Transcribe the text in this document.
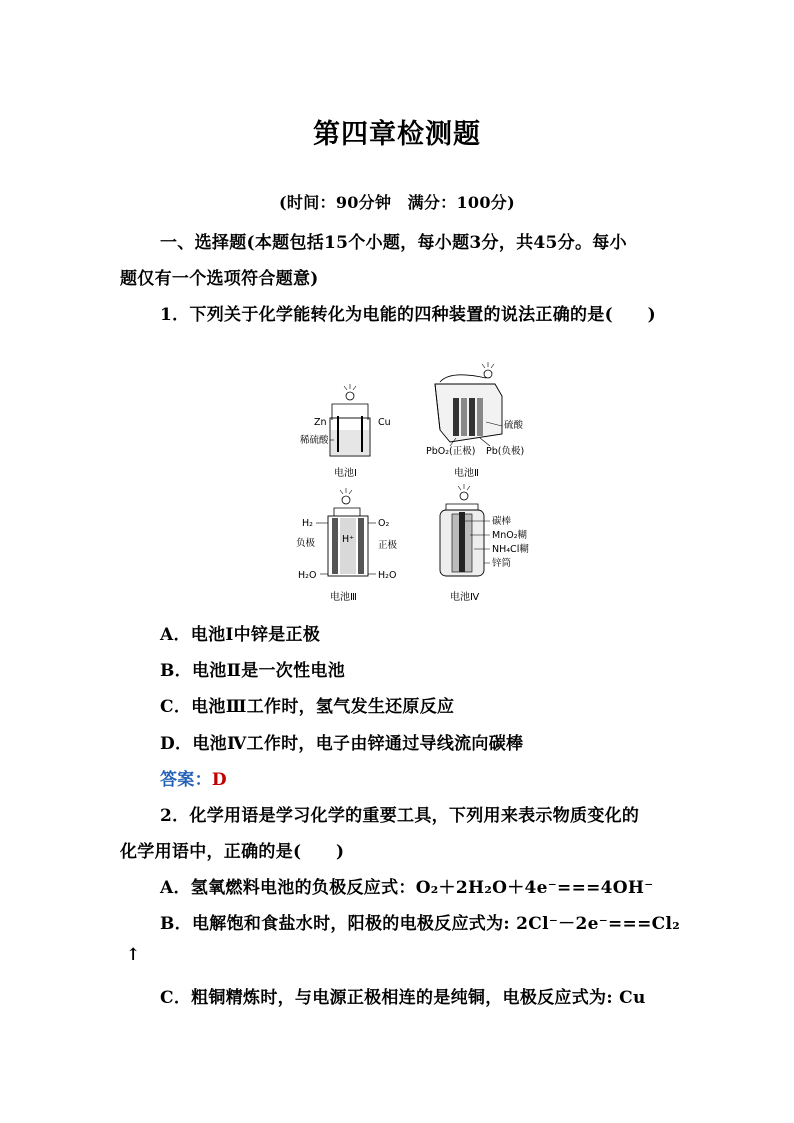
第四章检测题
(时间：90分钟　满分：100分)
一、选择题(本题包括15个小题，每小题3分，共45分。每小
题仅有一个选项符合题意)
1．下列关于化学能转化为电能的四种装置的说法正确的是(　　)
Zn	Cu
稀硫酸
电池Ⅰ
硫酸
PbO₂(正极) Pb(负极)
电池Ⅱ
H₂	O₂
负极	正极
H⁺
H₂O	H₂O
电池Ⅲ
碳棒
MnO₂糊
NH₄Cl糊
锌筒
电池Ⅳ
A．电池Ⅰ中锌是正极
B．电池Ⅱ是一次性电池
C．电池Ⅲ工作时，氢气发生还原反应
D．电池Ⅳ工作时，电子由锌通过导线流向碳棒
答案：D
2．化学用语是学习化学的重要工具，下列用来表示物质变化的
化学用语中，正确的是(　　)
A．氢氧燃料电池的负极反应式：O₂＋2H₂O＋4e⁻===4OH⁻
B．电解饱和食盐水时，阳极的电极反应式为: 2Cl⁻－2e⁻===Cl₂
↑
C．粗铜精炼时，与电源正极相连的是纯铜，电极反应式为: Cu
